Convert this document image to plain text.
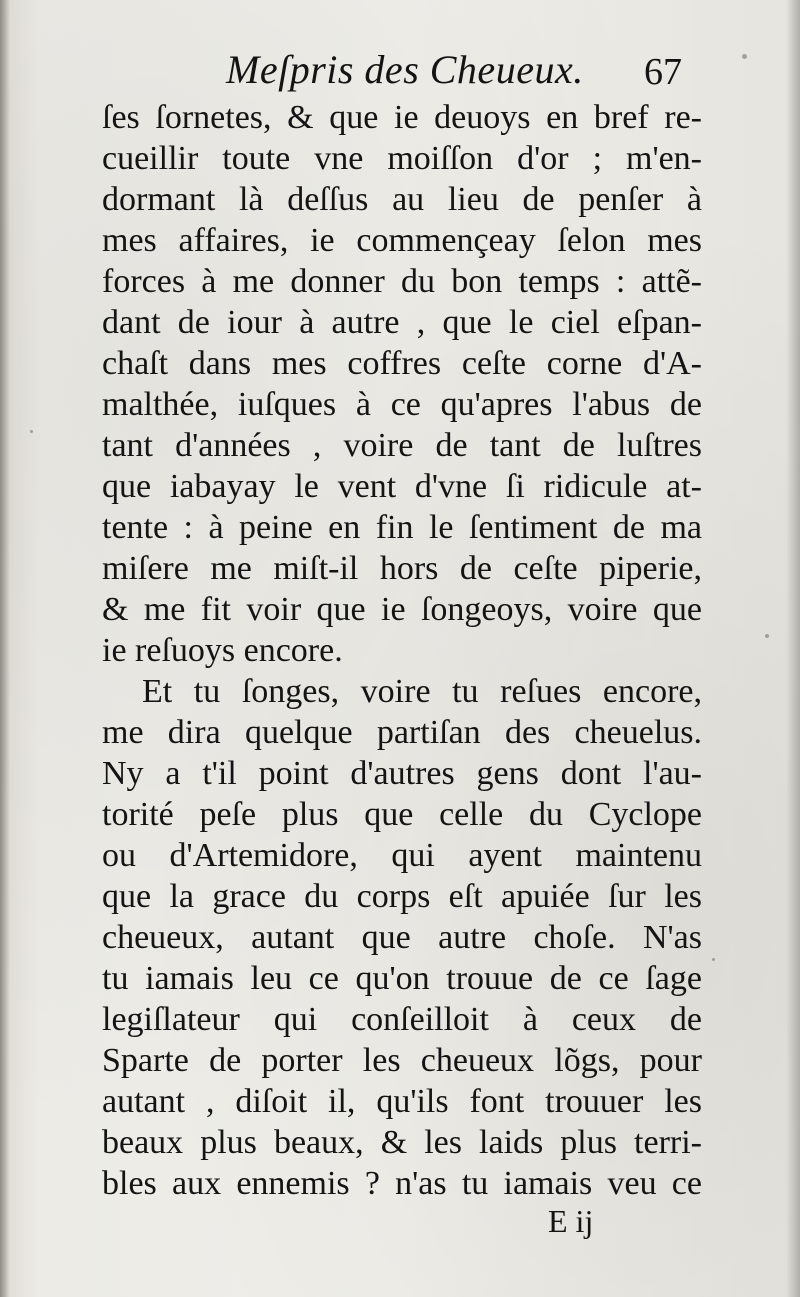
Meſpris des Cheueux. 67
ſes ſornetes, & que ie deuoys en bref re-
cueillir toute vne moiſſon d'or ; m'en-
dormant là deſſus au lieu de penſer à
mes affaires, ie commençeay ſelon mes
forces à me donner du bon temps : attẽ-
dant de iour à autre , que le ciel eſpan-
chaſt dans mes coffres ceſte corne d'A-
malthée, iuſques à ce qu'apres l'abus de
tant d'années , voire de tant de luſtres
que iabayay le vent d'vne ſi ridicule at-
tente : à peine en fin le ſentiment de ma
miſere me miſt-il hors de ceſte piperie,
& me fit voir que ie ſongeoys, voire que
ie reſuoys encore.
Et tu ſonges, voire tu reſues encore,
me dira quelque partiſan des cheuelus.
Ny a t'il point d'autres gens dont l'au-
torité peſe plus que celle du Cyclope
ou d'Artemidore, qui ayent maintenu
que la grace du corps eſt apuiée ſur les
cheueux, autant que autre choſe. N'as
tu iamais leu ce qu'on trouue de ce ſage
legiſlateur qui conſeilloit à ceux de
Sparte de porter les cheueux lõgs, pour
autant , diſoit il, qu'ils font trouuer les
beaux plus beaux, & les laids plus terri-
bles aux ennemis ? n'as tu iamais veu ce
E ij
